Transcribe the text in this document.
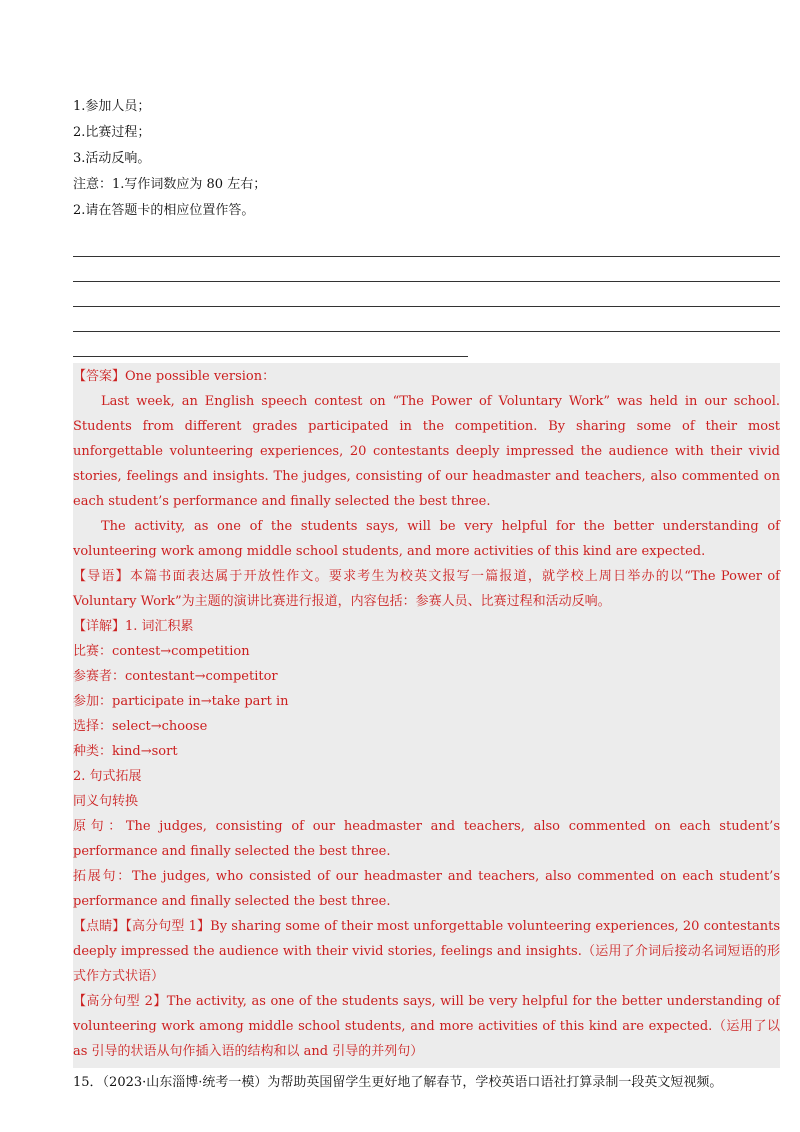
1.参加人员；
2.比赛过程；
3.活动反响。
注意：1.写作词数应为 80 左右；
2.请在答题卡的相应位置作答。

【答案】One possible version：

Last week, an English speech contest on “The Power of Voluntary Work” was held in our school. Students from different grades participated in the competition. By sharing some of their most unforgettable volunteering experiences, 20 contestants deeply impressed the audience with their vivid stories, feelings and insights. The judges, consisting of our headmaster and teachers, also commented on each student’s performance and finally selected the best three.

The activity, as one of the students says, will be very helpful for the better understanding of volunteering work among middle school students, and more activities of this kind are expected.

【导语】本篇书面表达属于开放性作文。要求考生为校英文报写一篇报道，就学校上周日举办的以“The Power of Voluntary Work”为主题的演讲比赛进行报道，内容包括：参赛人员、比赛过程和活动反响。

【详解】1. 词汇积累

比赛：contest→competition

参赛者：contestant→competitor

参加：participate in→take part in

选择：select→choose

种类：kind→sort

2. 句式拓展

同义句转换

原句：The judges, consisting of our headmaster and teachers, also commented on each student’s performance and finally selected the best three.

拓展句：The judges, who consisted of our headmaster and teachers, also commented on each student’s performance and finally selected the best three.

【点睛】【高分句型 1】By sharing some of their most unforgettable volunteering experiences, 20 contestants deeply impressed the audience with their vivid stories, feelings and insights.（运用了介词后接动名词短语的形式作方式状语）

【高分句型 2】The activity, as one of the students says, will be very helpful for the better understanding of volunteering work among middle school students, and more activities of this kind are expected.（运用了以 as 引导的状语从句作插入语的结构和以 and 引导的并列句）

15．（2023·山东淄博·统考一模）为帮助英国留学生更好地了解春节，学校英语口语社打算录制一段英文短视频。
